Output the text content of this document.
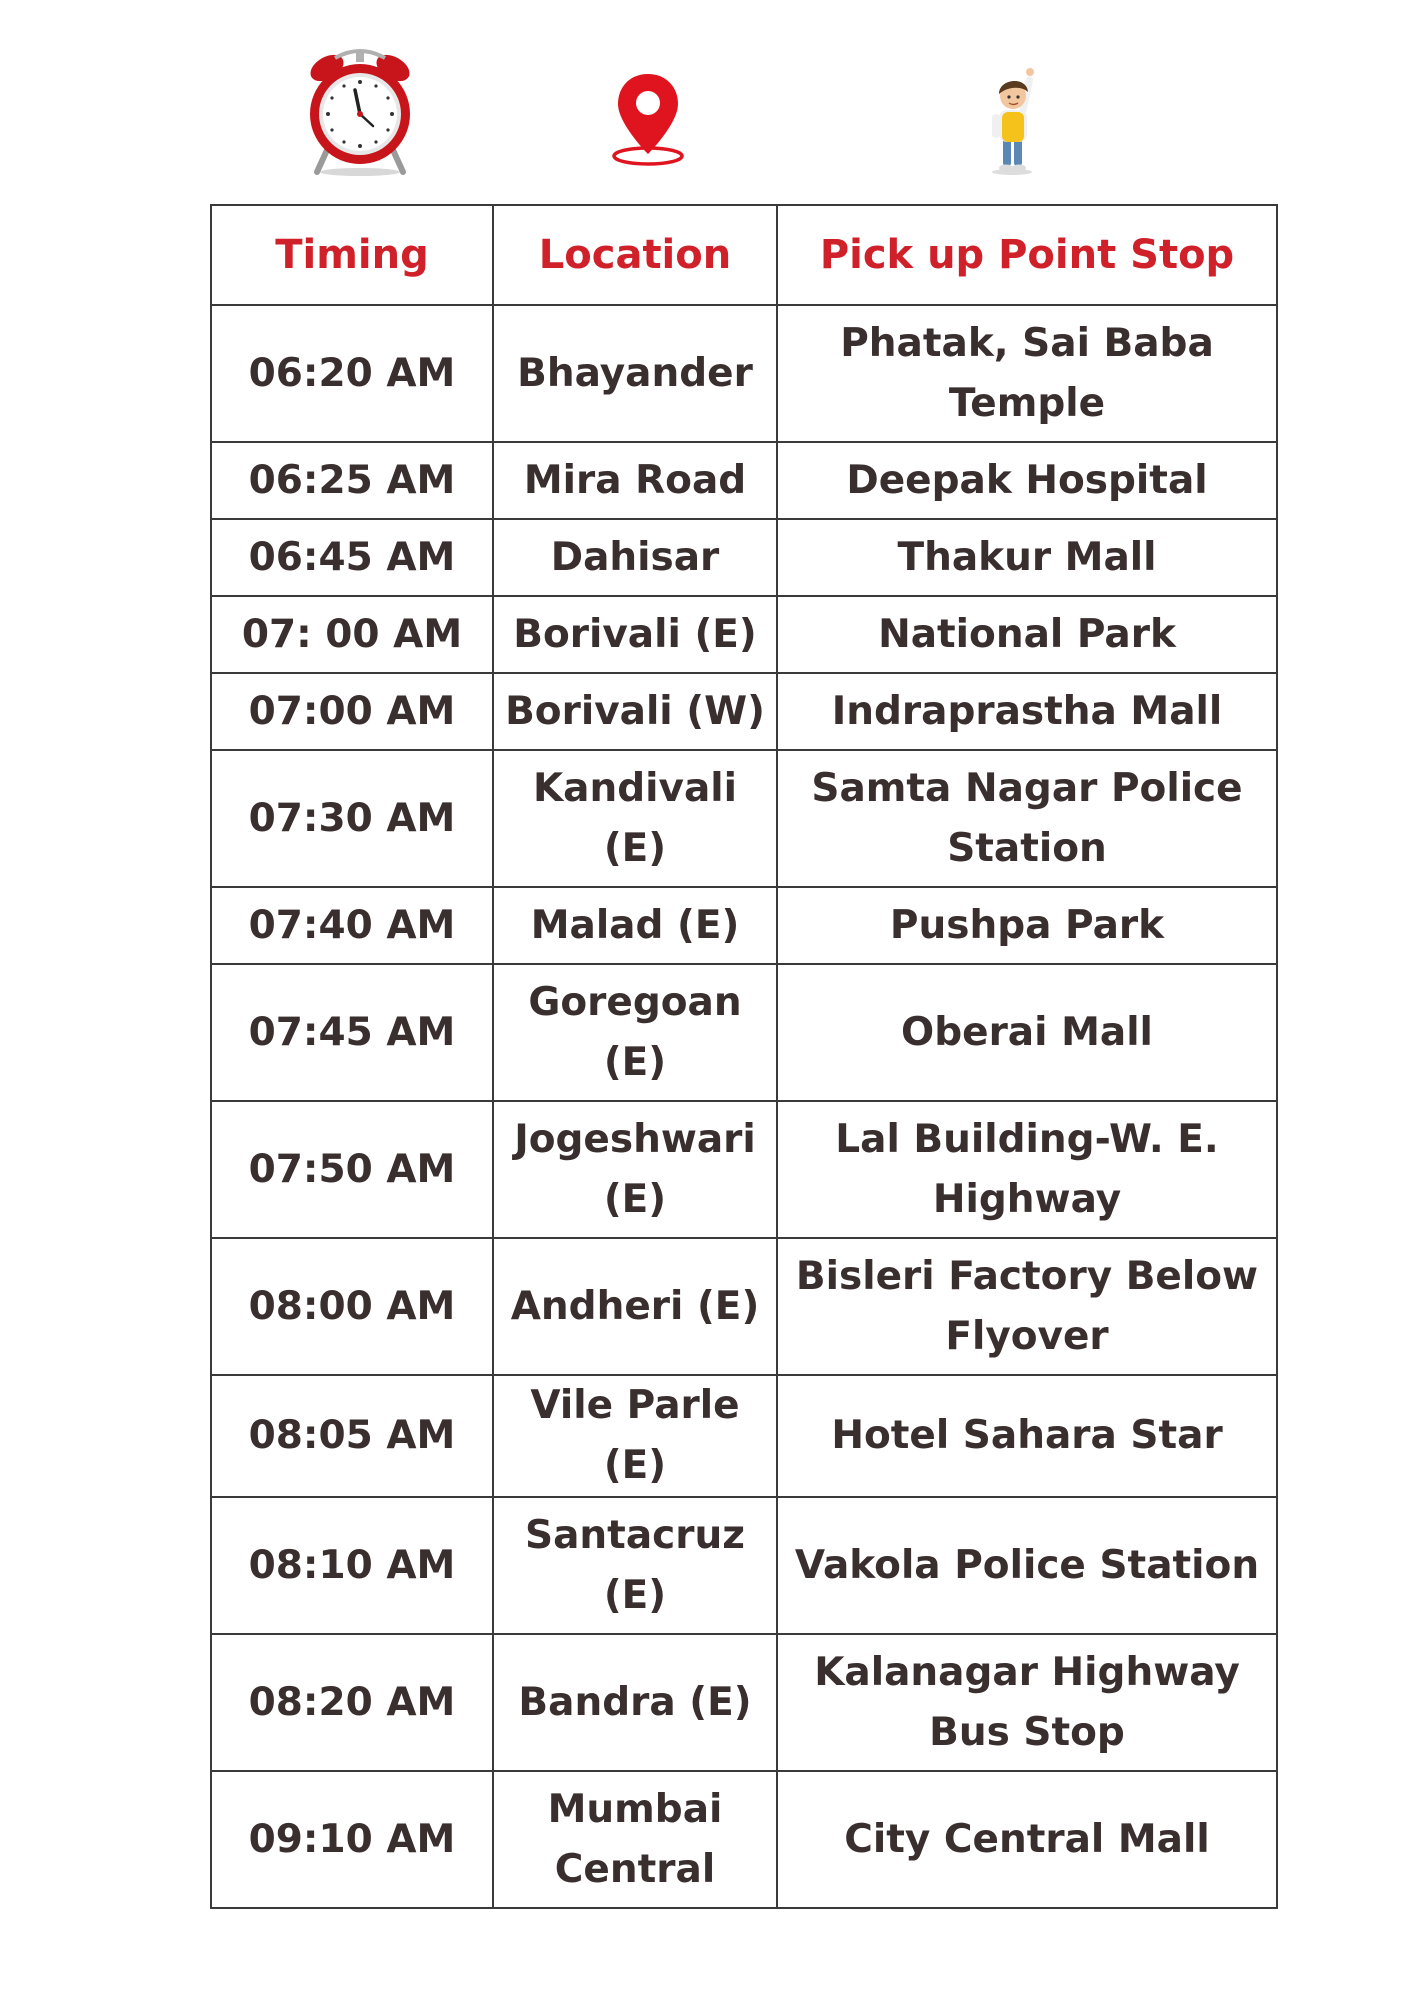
Timing	Location	Pick up Point Stop
06:20 AM	Bhayander	Phatak, Sai Baba Temple
06:25 AM	Mira Road	Deepak Hospital
06:45 AM	Dahisar	Thakur Mall
07: 00 AM	Borivali (E)	National Park
07:00 AM	Borivali (W)	Indraprastha Mall
07:30 AM	Kandivali (E)	Samta Nagar Police Station
07:40 AM	Malad (E)	Pushpa Park
07:45 AM	Goregoan (E)	Oberai Mall
07:50 AM	Jogeshwari (E)	Lal Building-W. E. Highway
08:00 AM	Andheri (E)	Bisleri Factory Below Flyover
08:05 AM	Vile Parle (E)	Hotel Sahara Star
08:10 AM	Santacruz (E)	Vakola Police Station
08:20 AM	Bandra (E)	Kalanagar Highway Bus Stop
09:10 AM	Mumbai Central	City Central Mall
